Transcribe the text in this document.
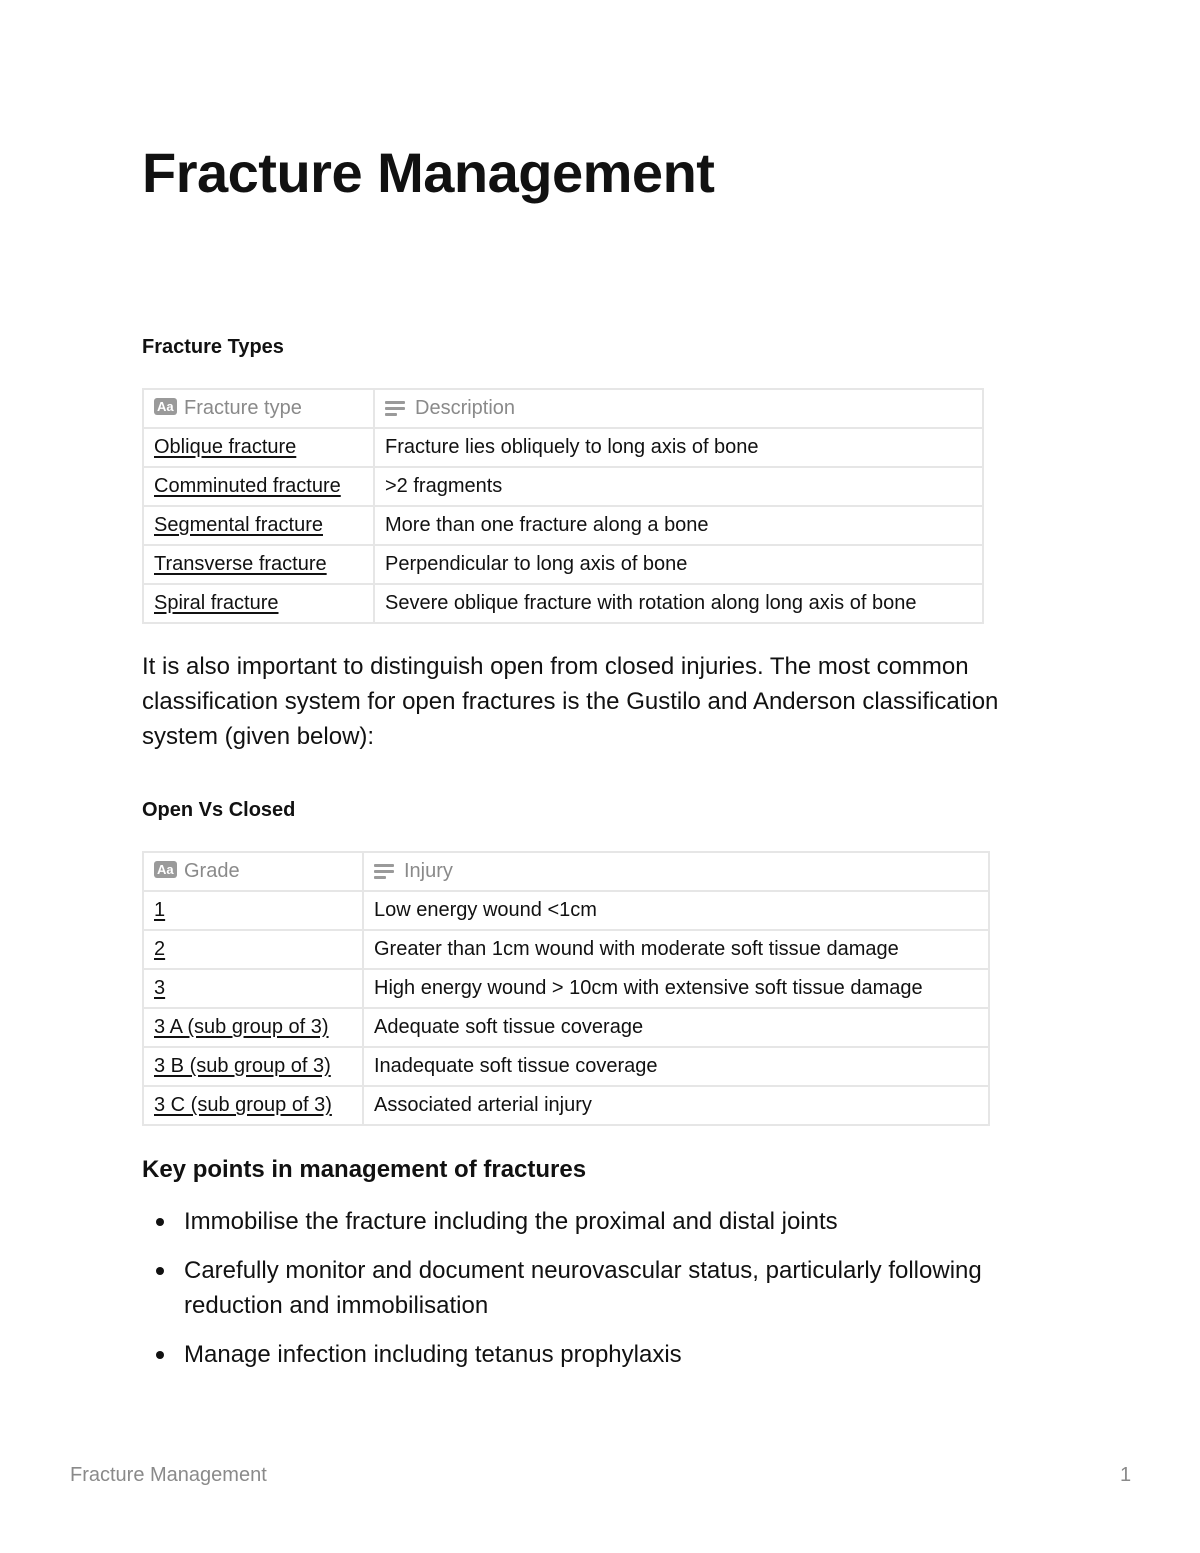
Fracture Management
Fracture Types
AaFracture type	Description
Oblique fracture	Fracture lies obliquely to long axis of bone
Comminuted fracture	>2 fragments
Segmental fracture	More than one fracture along a bone
Transverse fracture	Perpendicular to long axis of bone
Spiral fracture	Severe oblique fracture with rotation along long axis of bone

It is also important to distinguish open from closed injuries. The most common classification system for open fractures is the Gustilo and Anderson classification system (given below):

Open Vs Closed
AaGrade	Injury
1	Low energy wound <1cm
2	Greater than 1cm wound with moderate soft tissue damage
3	High energy wound > 10cm with extensive soft tissue damage
3 A (sub group of 3)	Adequate soft tissue coverage
3 B (sub group of 3)	Inadequate soft tissue coverage
3 C (sub group of 3)	Associated arterial injury
Key points in management of fractures
Immobilise the fracture including the proximal and distal joints
Carefully monitor and document neurovascular status, particularly following reduction and immobilisation
Manage infection including tetanus prophylaxis
Fracture Management	1
